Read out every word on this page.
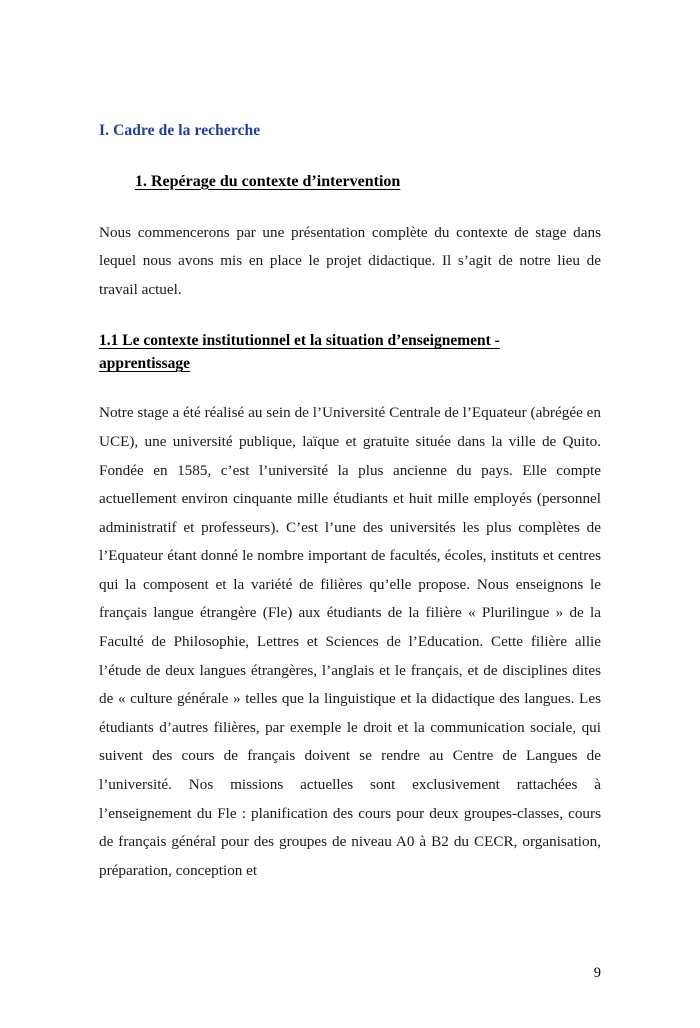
I. Cadre de la recherche
1. Repérage du contexte d’intervention

Nous commencerons par une présentation complète du contexte de stage dans lequel nous avons mis en place le projet didactique. Il s’agit de notre lieu de travail actuel.

1.1 Le contexte institutionnel et la situation d’enseignement -
apprentissage

Notre stage a été réalisé au sein de l’Université Centrale de l’Equateur (abrégée en UCE), une université publique, laïque et gratuite située dans la ville de Quito. Fondée en 1585, c’est l’université la plus ancienne du pays. Elle compte actuellement environ cinquante mille étudiants et huit mille employés (personnel administratif et professeurs). C’est l’une des universités les plus complètes de l’Equateur étant donné le nombre important de facultés, écoles, instituts et centres qui la composent et la variété de filières qu’elle propose. Nous enseignons le français langue étrangère (Fle) aux étudiants de la filière « Plurilingue » de la Faculté de Philosophie, Lettres et Sciences de l’Education. Cette filière allie l’étude de deux langues étrangères, l’anglais et le français, et de disciplines dites de « culture générale » telles que la linguistique et la didactique des langues. Les étudiants d’autres filières, par exemple le droit et la communication sociale, qui suivent des cours de français doivent se rendre au Centre de Langues de l’université. Nos missions actuelles sont exclusivement rattachées à l’enseignement du Fle : planification des cours pour deux groupes-classes, cours de français général pour des groupes de niveau A0 à B2 du CECR, organisation, préparation, conception et

9
